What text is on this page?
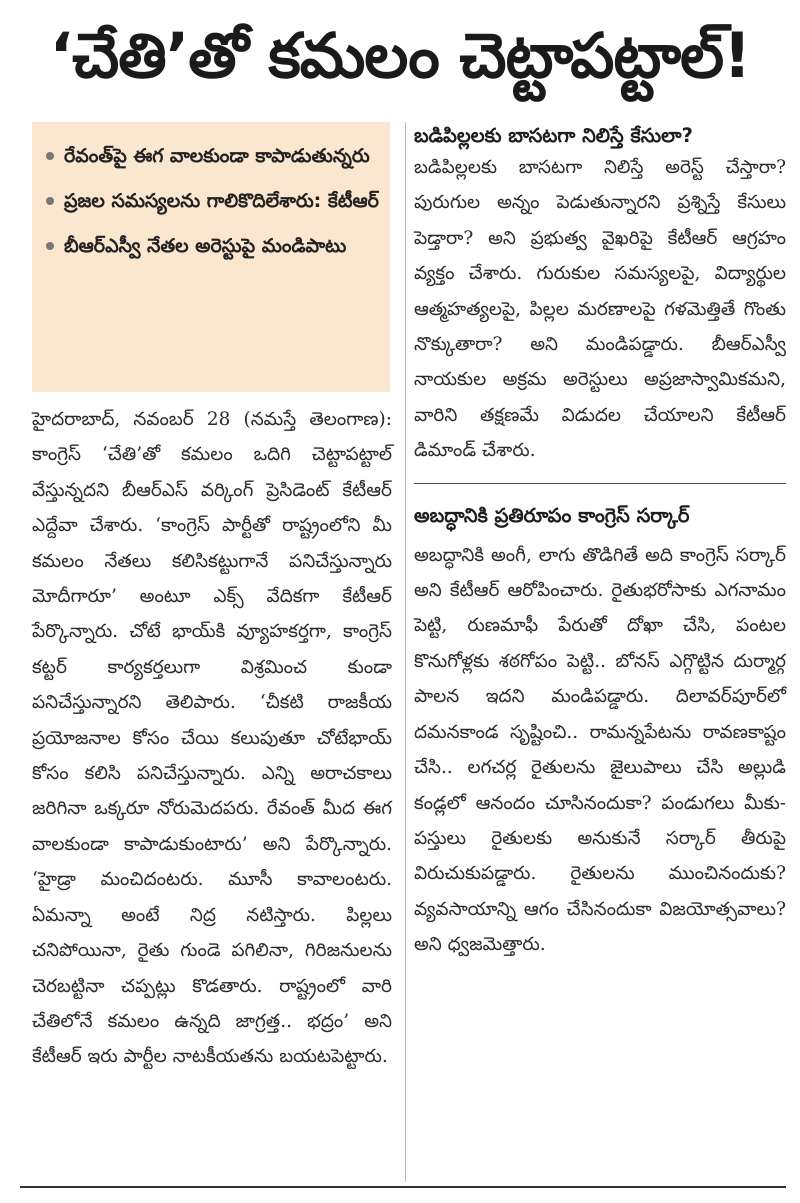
‘చేతి’తో కమలం చెట్టాపట్టాల్!
రేవంత్‌పై ఈగ వాలకుండా కాపాడుతున్నరు
ప్రజల సమస్యలను గాలికొదిలేశారు: కేటీఆర్
బీఆర్‌ఎస్వీ నేతల అరెస్టుపై మండిపాటు

హైదరాబాద్, నవంబర్ 28 (నమస్తే తెలంగాణ): కాంగ్రెస్ ‘చేతి’తో కమలం ఒదిగి చెట్టాపట్టాల్ వేస్తున్నదని బీఆర్‌ఎస్ వర్కింగ్ ప్రెసిడెంట్ కేటీఆర్ ఎద్దేవా చేశారు. ‘కాంగ్రెస్ పార్టీతో రాష్ట్రంలోని మీ కమలం నేతలు కలిసికట్టుగానే పనిచేస్తున్నారు మోదీగారూ’ అంటూ ఎక్స్ వేదికగా కేటీఆర్ పేర్కొన్నారు. చోటే భాయ్‌కి వ్యూహకర్తగా, కాంగ్రెస్ కట్టర్ కార్యకర్తలుగా విశ్రమించ కుండా పనిచేస్తున్నారని తెలిపారు. ‘చీకటి రాజకీయ ప్రయోజనాల కోసం చేయి కలుపుతూ చోటేభాయ్ కోసం కలిసి పనిచేస్తున్నారు. ఎన్ని అరాచకాలు జరిగినా ఒక్కరూ నోరుమెదపరు. రేవంత్ మీద ఈగ వాలకుండా కాపాడుకుంటారు’ అని పేర్కొన్నారు. ‘హైడ్రా మంచిదంటరు. మూసీ కావాలంటరు. ఏమన్నా అంటే నిద్ర నటిస్తారు. పిల్లలు చనిపోయినా, రైతు గుండె పగిలినా, గిరిజనులను చెరబట్టినా చప్పట్లు కొడతారు. రాష్ట్రంలో వారి చేతిలోనే కమలం ఉన్నది జాగ్రత్త.. భద్రం’ అని కేటీఆర్ ఇరు పార్టీల నాటకీయతను బయటపెట్టారు.

బడిపిల్లలకు బాసటగా నిలిస్తే కేసులా?

బడిపిల్లలకు బాసటగా నిలిస్తే అరెస్ట్ చేస్తారా? పురుగుల అన్నం పెడుతున్నారని ప్రశ్నిస్తే కేసులు పెడ్తారా? అని ప్రభుత్వ వైఖరిపై కేటీఆర్ ఆగ్రహం వ్యక్తం చేశారు. గురుకుల సమస్యలపై, విద్యార్థుల ఆత్మహత్యలపై, పిల్లల మరణాలపై గళమెత్తితే గొంతు నొక్కుతారా? అని మండిపడ్డారు. బీఆర్‌ఎస్వీ నాయకుల అక్రమ అరెస్టులు అప్రజాస్వామికమని, వారిని తక్షణమే విడుదల చేయాలని కేటీఆర్ డిమాండ్ చేశారు.

అబద్ధానికి ప్రతిరూపం కాంగ్రెస్ సర్కార్

అబద్ధానికి అంగీ, లాగు తొడిగితే అది కాంగ్రెస్ సర్కార్ అని కేటీఆర్ ఆరోపించారు. రైతుభరోసాకు ఎగనామం పెట్టి, రుణమాఫీ పేరుతో దోఖా చేసి, పంటల కొనుగోళ్లకు శఠగోపం పెట్టి.. బోనస్ ఎగ్గొట్టిన దుర్మార్గ పాలన ఇదని మండిపడ్డారు. దిలావర్‌పూర్‌లో దమనకాండ సృష్టించి.. రామన్నపేటను రావణకాష్టం చేసి.. లగచర్ల రైతులను జైలుపాలు చేసి అల్లుడి కండ్లలో ఆనందం చూసినందుకా? పండుగలు మీకు-పస్తులు రైతులకు అనుకునే సర్కార్ తీరుపై విరుచుకుపడ్డారు. రైతులను ముంచినందుకు? వ్యవసాయాన్ని ఆగం చేసినందుకా విజయోత్సవాలు? అని ధ్వజమెత్తారు.
